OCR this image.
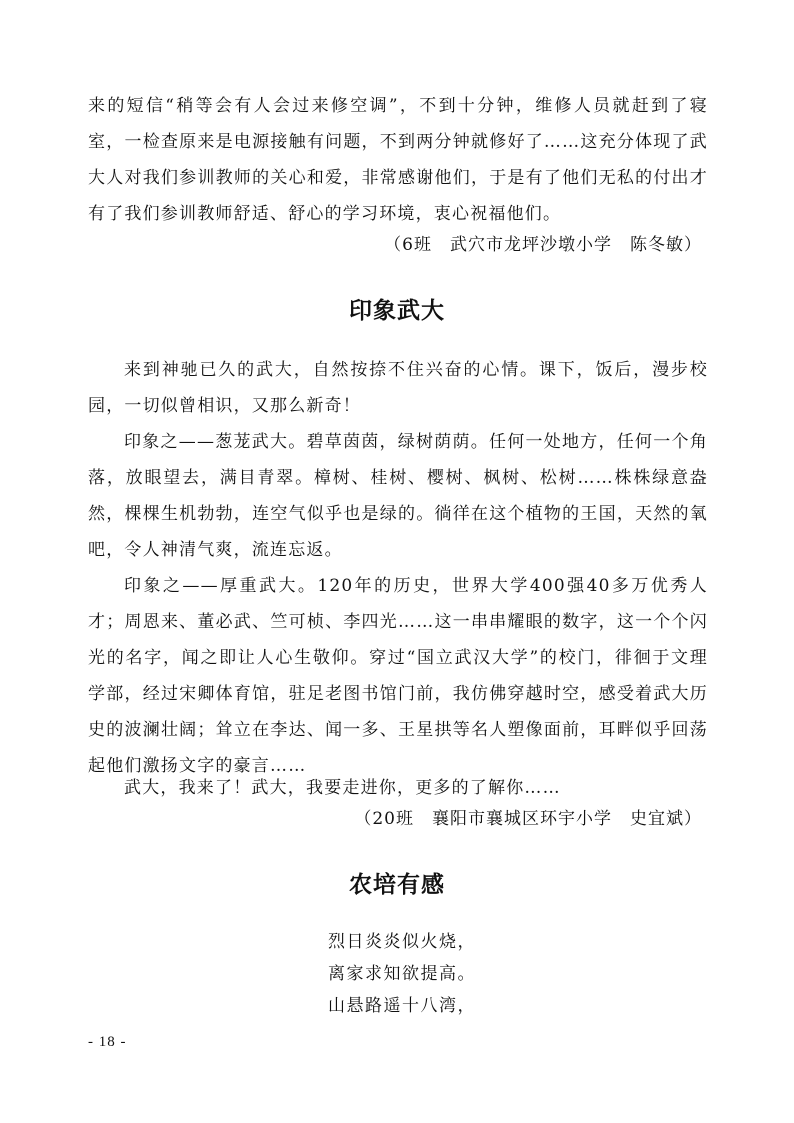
来的短信“稍等会有人会过来修空调”，不到十分钟，维修人员就赶到了寝室，一检查原来是电源接触有问题，不到两分钟就修好了……这充分体现了武大人对我们参训教师的关心和爱，非常感谢他们，于是有了他们无私的付出才有了我们参训教师舒适、舒心的学习环境，衷心祝福他们。

（6班　武穴市龙坪沙墩小学　陈冬敏）

印象武大

来到神驰已久的武大，自然按捺不住兴奋的心情。课下，饭后，漫步校园，一切似曾相识，又那么新奇！

印象之——葱茏武大。碧草茵茵，绿树荫荫。任何一处地方，任何一个角落，放眼望去，满目青翠。樟树、桂树、樱树、枫树、松树……株株绿意盎然，棵棵生机勃勃，连空气似乎也是绿的。徜徉在这个植物的王国，天然的氧吧，令人神清气爽，流连忘返。

印象之——厚重武大。120年的历史，世界大学400强40多万优秀人才；周恩来、董必武、竺可桢、李四光……这一串串耀眼的数字，这一个个闪光的名字，闻之即让人心生敬仰。穿过“国立武汉大学”的校门，徘徊于文理学部，经过宋卿体育馆，驻足老图书馆门前，我仿佛穿越时空，感受着武大历史的波澜壮阔；耸立在李达、闻一多、王星拱等名人塑像面前，耳畔似乎回荡起他们激扬文字的豪言……

武大，我来了！武大，我要走进你，更多的了解你……

（20班　襄阳市襄城区环宇小学　史宜斌）

农培有感
烈日炎炎似火烧，
离家求知欲提高。
山悬路遥十八湾，

- 18 -
